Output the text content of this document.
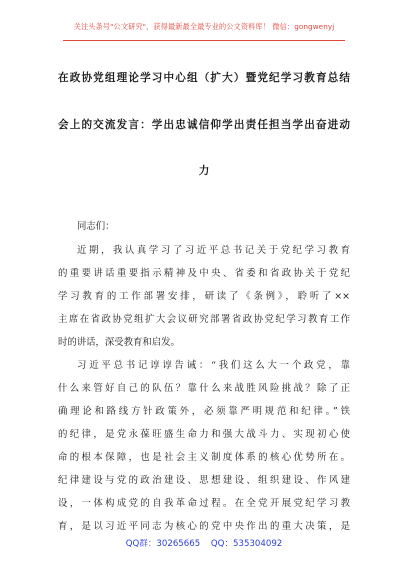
关注头条号"公文研究"，获得最新最全最专业的公文资料库！ 微信：gongwenyj
在政协党组理论学习中心组（扩大）暨党纪学习教育总结
会上的交流发言：学出忠诚信仰学出责任担当学出奋进动
力
同志们：
近期，我认真学习了习近平总书记关于党纪学习教育
的重要讲话重要指示精神及中央、省委和省政协关于党纪
学习教育的工作部署安排，研读了《条例》，聆听了××
主席在省政协党组扩大会议研究部署省政协党纪学习教育工作
时的讲话，深受教育和启发。
习近平总书记谆谆告诫：“我们这么大一个政党，靠
什么来管好自己的队伍？靠什么来战胜风险挑战？除了正
确理论和路线方针政策外，必须靠严明规范和纪律。”铁
的纪律，是党永葆旺盛生命力和强大战斗力、实现初心使
命的根本保障，也是社会主义制度体系的核心优势所在。
纪律建设与党的政治建设、思想建设、组织建设、作风建
设，一体构成党的自我革命过程。在全党开展党纪学习教
育，是以习近平同志为核心的党中央作出的重大决策，是
QQ群：30265665 QQ：535304092
